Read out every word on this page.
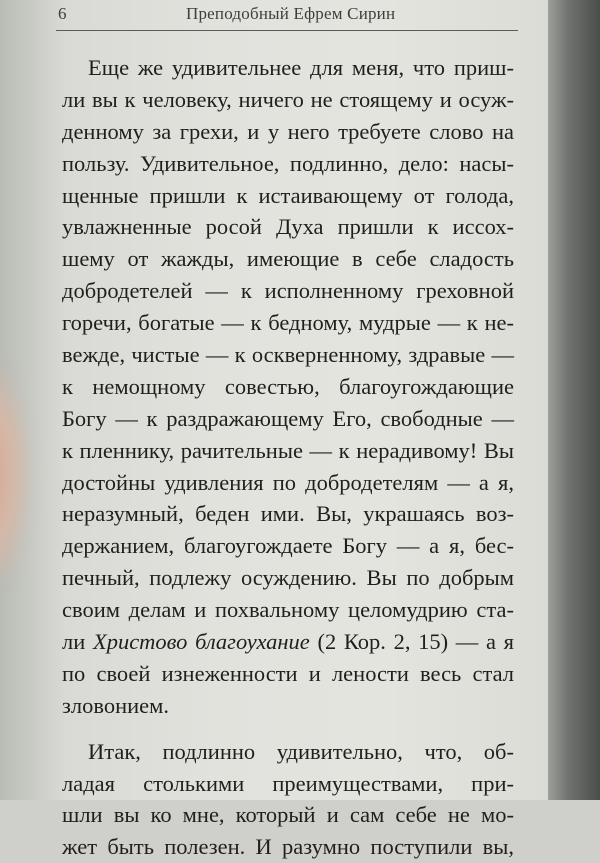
6	Преподобный Ефрем Сирин
Еще же удивительнее для меня, что приш-
ли вы к человеку, ничего не стоящему и осуж-
денному за грехи, и у него требуете слово на
пользу. Удивительное, подлинно, дело: насы-
щенные пришли к истаивающему от голода,
увлажненные росой Духа пришли к иссох-
шему от жажды, имеющие в себе сладость
добродетелей — к исполненному греховной
горечи, богатые — к бедному, мудрые — к не-
вежде, чистые — к оскверненному, здравые —
к немощному совестью, благоугождающие
Богу — к раздражающему Его, свободные —
к пленнику, рачительные — к нерадивому! Вы
достойны удивления по добродетелям — а я,
неразумный, беден ими. Вы, украшаясь воз-
держанием, благоугождаете Богу — а я, бес-
печный, подлежу осуждению. Вы по добрым
своим делам и похвальному целомудрию ста-
ли Христово благоухание (2 Кор. 2, 15) — а я
по своей изнеженности и лености весь стал
зловонием.
Итак, подлинно удивительно, что, об-
ладая столькими преимуществами, при-
шли вы ко мне, который и сам себе не мо-
жет быть полезен. И разумно поступили вы,
